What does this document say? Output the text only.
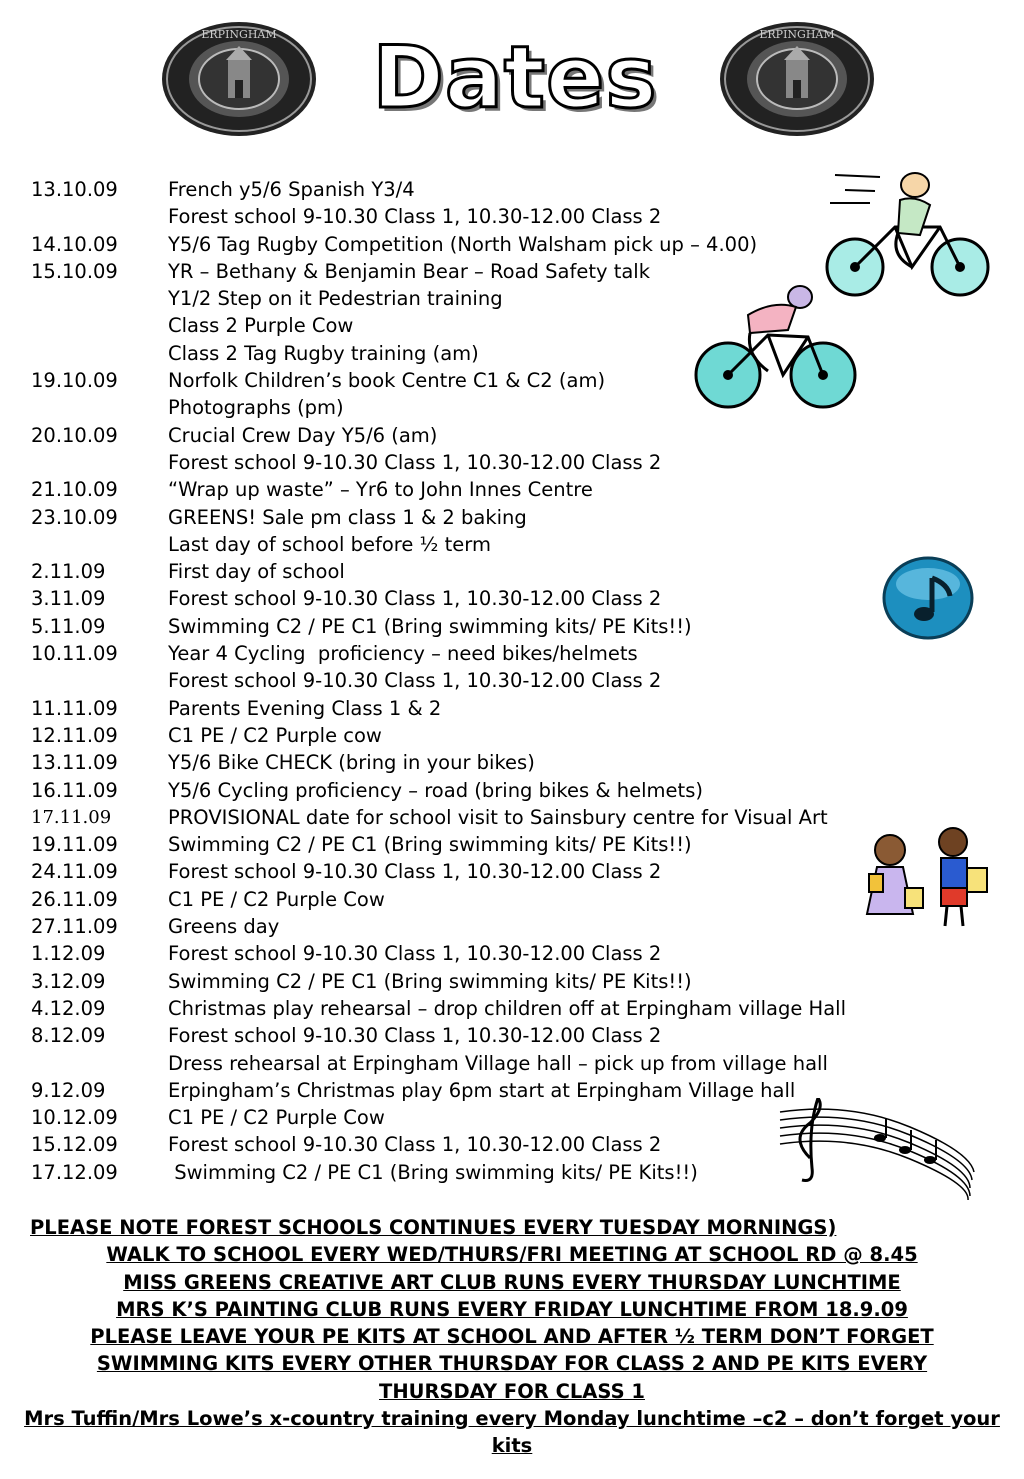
ERPINGHAM	ERPINGHAM
Dates
13.10.09	French y5/6 Spanish Y3/4
Forest school 9-10.30 Class 1, 10.30-12.00 Class 2
14.10.09	Y5/6 Tag Rugby Competition (North Walsham pick up – 4.00)
15.10.09	YR – Bethany & Benjamin Bear – Road Safety talk
Y1/2 Step on it Pedestrian training
Class 2 Purple Cow
Class 2 Tag Rugby training (am)
19.10.09	Norfolk Children’s book Centre C1 & C2 (am)
Photographs (pm)
20.10.09	Crucial Crew Day Y5/6 (am)
Forest school 9-10.30 Class 1, 10.30-12.00 Class 2
21.10.09	“Wrap up waste” – Yr6 to John Innes Centre
23.10.09	GREENS! Sale pm class 1 & 2 baking
Last day of school before ½ term
2.11.09	First day of school
3.11.09	Forest school 9-10.30 Class 1, 10.30-12.00 Class 2
5.11.09	Swimming C2 / PE C1 (Bring swimming kits/ PE Kits!!)
10.11.09	Year 4 Cycling  proficiency – need bikes/helmets
Forest school 9-10.30 Class 1, 10.30-12.00 Class 2
11.11.09	Parents Evening Class 1 & 2
12.11.09	C1 PE / C2 Purple cow
13.11.09	Y5/6 Bike CHECK (bring in your bikes)
16.11.09	Y5/6 Cycling proficiency – road (bring bikes & helmets)
17.11.09	PROVISIONAL date for school visit to Sainsbury centre for Visual Art
19.11.09	Swimming C2 / PE C1 (Bring swimming kits/ PE Kits!!)
24.11.09	Forest school 9-10.30 Class 1, 10.30-12.00 Class 2
26.11.09	C1 PE / C2 Purple Cow
27.11.09	Greens day
1.12.09	Forest school 9-10.30 Class 1, 10.30-12.00 Class 2
3.12.09	Swimming C2 / PE C1 (Bring swimming kits/ PE Kits!!)
4.12.09	Christmas play rehearsal – drop children off at Erpingham village Hall
8.12.09	Forest school 9-10.30 Class 1, 10.30-12.00 Class 2
Dress rehearsal at Erpingham Village hall – pick up from village hall
9.12.09	Erpingham’s Christmas play 6pm start at Erpingham Village hall
10.12.09	C1 PE / C2 Purple Cow
15.12.09	Forest school 9-10.30 Class 1, 10.30-12.00 Class 2
17.12.09	Swimming C2 / PE C1 (Bring swimming kits/ PE Kits!!)
PLEASE NOTE FOREST SCHOOLS CONTINUES EVERY TUESDAY MORNINGS)
WALK TO SCHOOL EVERY WED/THURS/FRI MEETING AT SCHOOL RD @ 8.45
MISS GREENS CREATIVE ART CLUB RUNS EVERY THURSDAY LUNCHTIME
MRS K’S PAINTING CLUB RUNS EVERY FRIDAY LUNCHTIME FROM 18.9.09
PLEASE LEAVE YOUR PE KITS AT SCHOOL AND AFTER ½ TERM DON’T FORGET
SWIMMING KITS EVERY OTHER THURSDAY FOR CLASS 2 AND PE KITS EVERY
THURSDAY FOR CLASS 1
Mrs Tuffin/Mrs Lowe’s x-country training every Monday lunchtime –c2 – don’t forget your kits
